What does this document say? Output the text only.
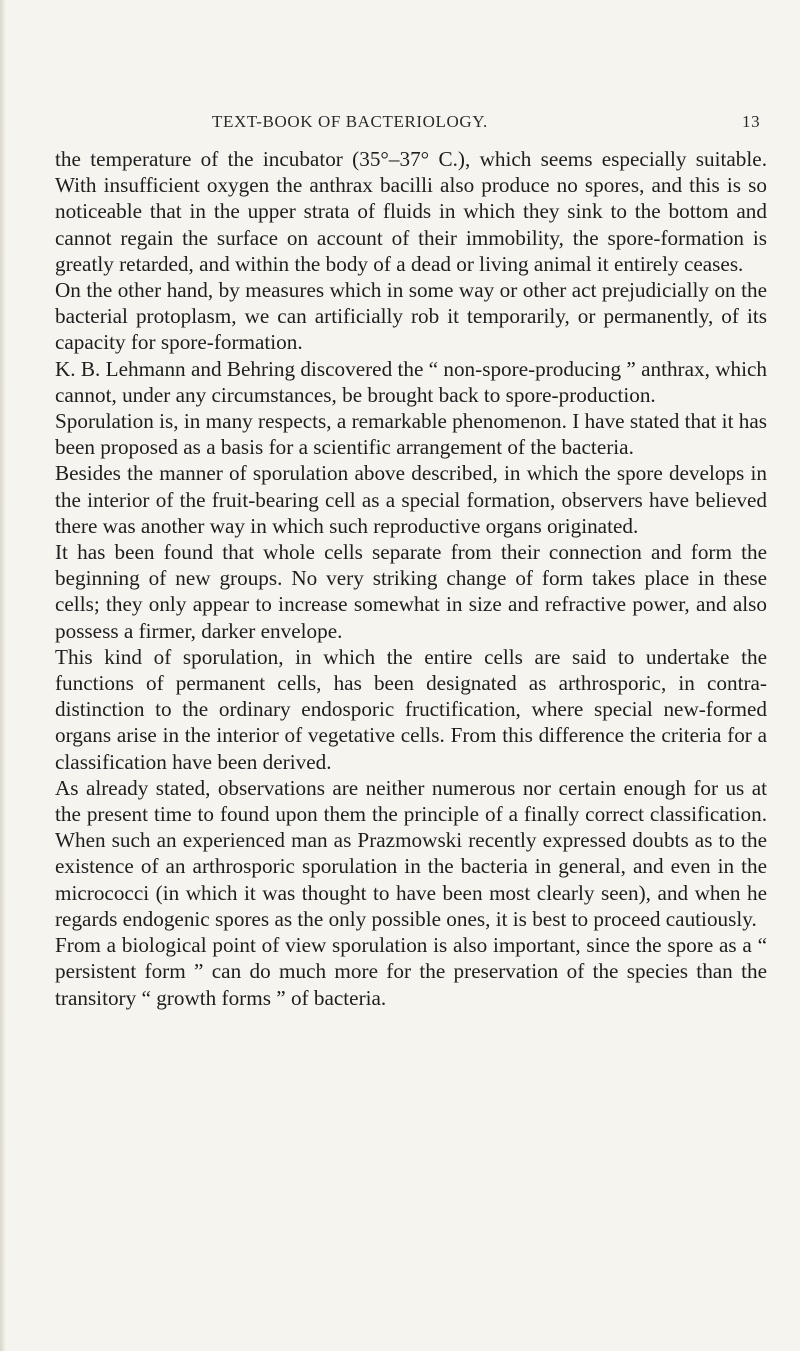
TEXT-BOOK OF BACTERIOLOGY.	13

the temperature of the incubator (35°–37° C.), which seems especially suitable. With insufficient oxygen the anthrax bacilli also produce no spores, and this is so noticeable that in the upper strata of fluids in which they sink to the bottom and cannot regain the surface on account of their immobility, the spore-formation is greatly retarded, and within the body of a dead or living animal it entirely ceases.

On the other hand, by measures which in some way or other act prejudicially on the bacterial protoplasm, we can artificially rob it temporarily, or permanently, of its capacity for spore-formation.

K. B. Lehmann and Behring discovered the “ non-spore-producing ” anthrax, which cannot, under any circumstances, be brought back to spore-production.

Sporulation is, in many respects, a remarkable phenomenon. I have stated that it has been proposed as a basis for a scientific arrangement of the bacteria.

Besides the manner of sporulation above described, in which the spore develops in the interior of the fruit-bearing cell as a special formation, observers have believed there was another way in which such reproductive organs originated.

It has been found that whole cells separate from their connection and form the beginning of new groups. No very striking change of form takes place in these cells; they only appear to increase somewhat in size and refractive power, and also possess a firmer, darker envelope.

This kind of sporulation, in which the entire cells are said to undertake the functions of permanent cells, has been designated as arthrosporic, in contra-distinction to the ordinary endosporic fructification, where special new-formed organs arise in the interior of vegetative cells. From this difference the criteria for a classification have been derived.

As already stated, observations are neither numerous nor certain enough for us at the present time to found upon them the principle of a finally correct classification. When such an experienced man as Prazmowski recently expressed doubts as to the existence of an arthrosporic sporulation in the bacteria in general, and even in the micrococci (in which it was thought to have been most clearly seen), and when he regards endogenic spores as the only possible ones, it is best to proceed cautiously.

From a biological point of view sporulation is also important, since the spore as a “ persistent form ” can do much more for the preservation of the species than the transitory “ growth forms ” of bacteria.
